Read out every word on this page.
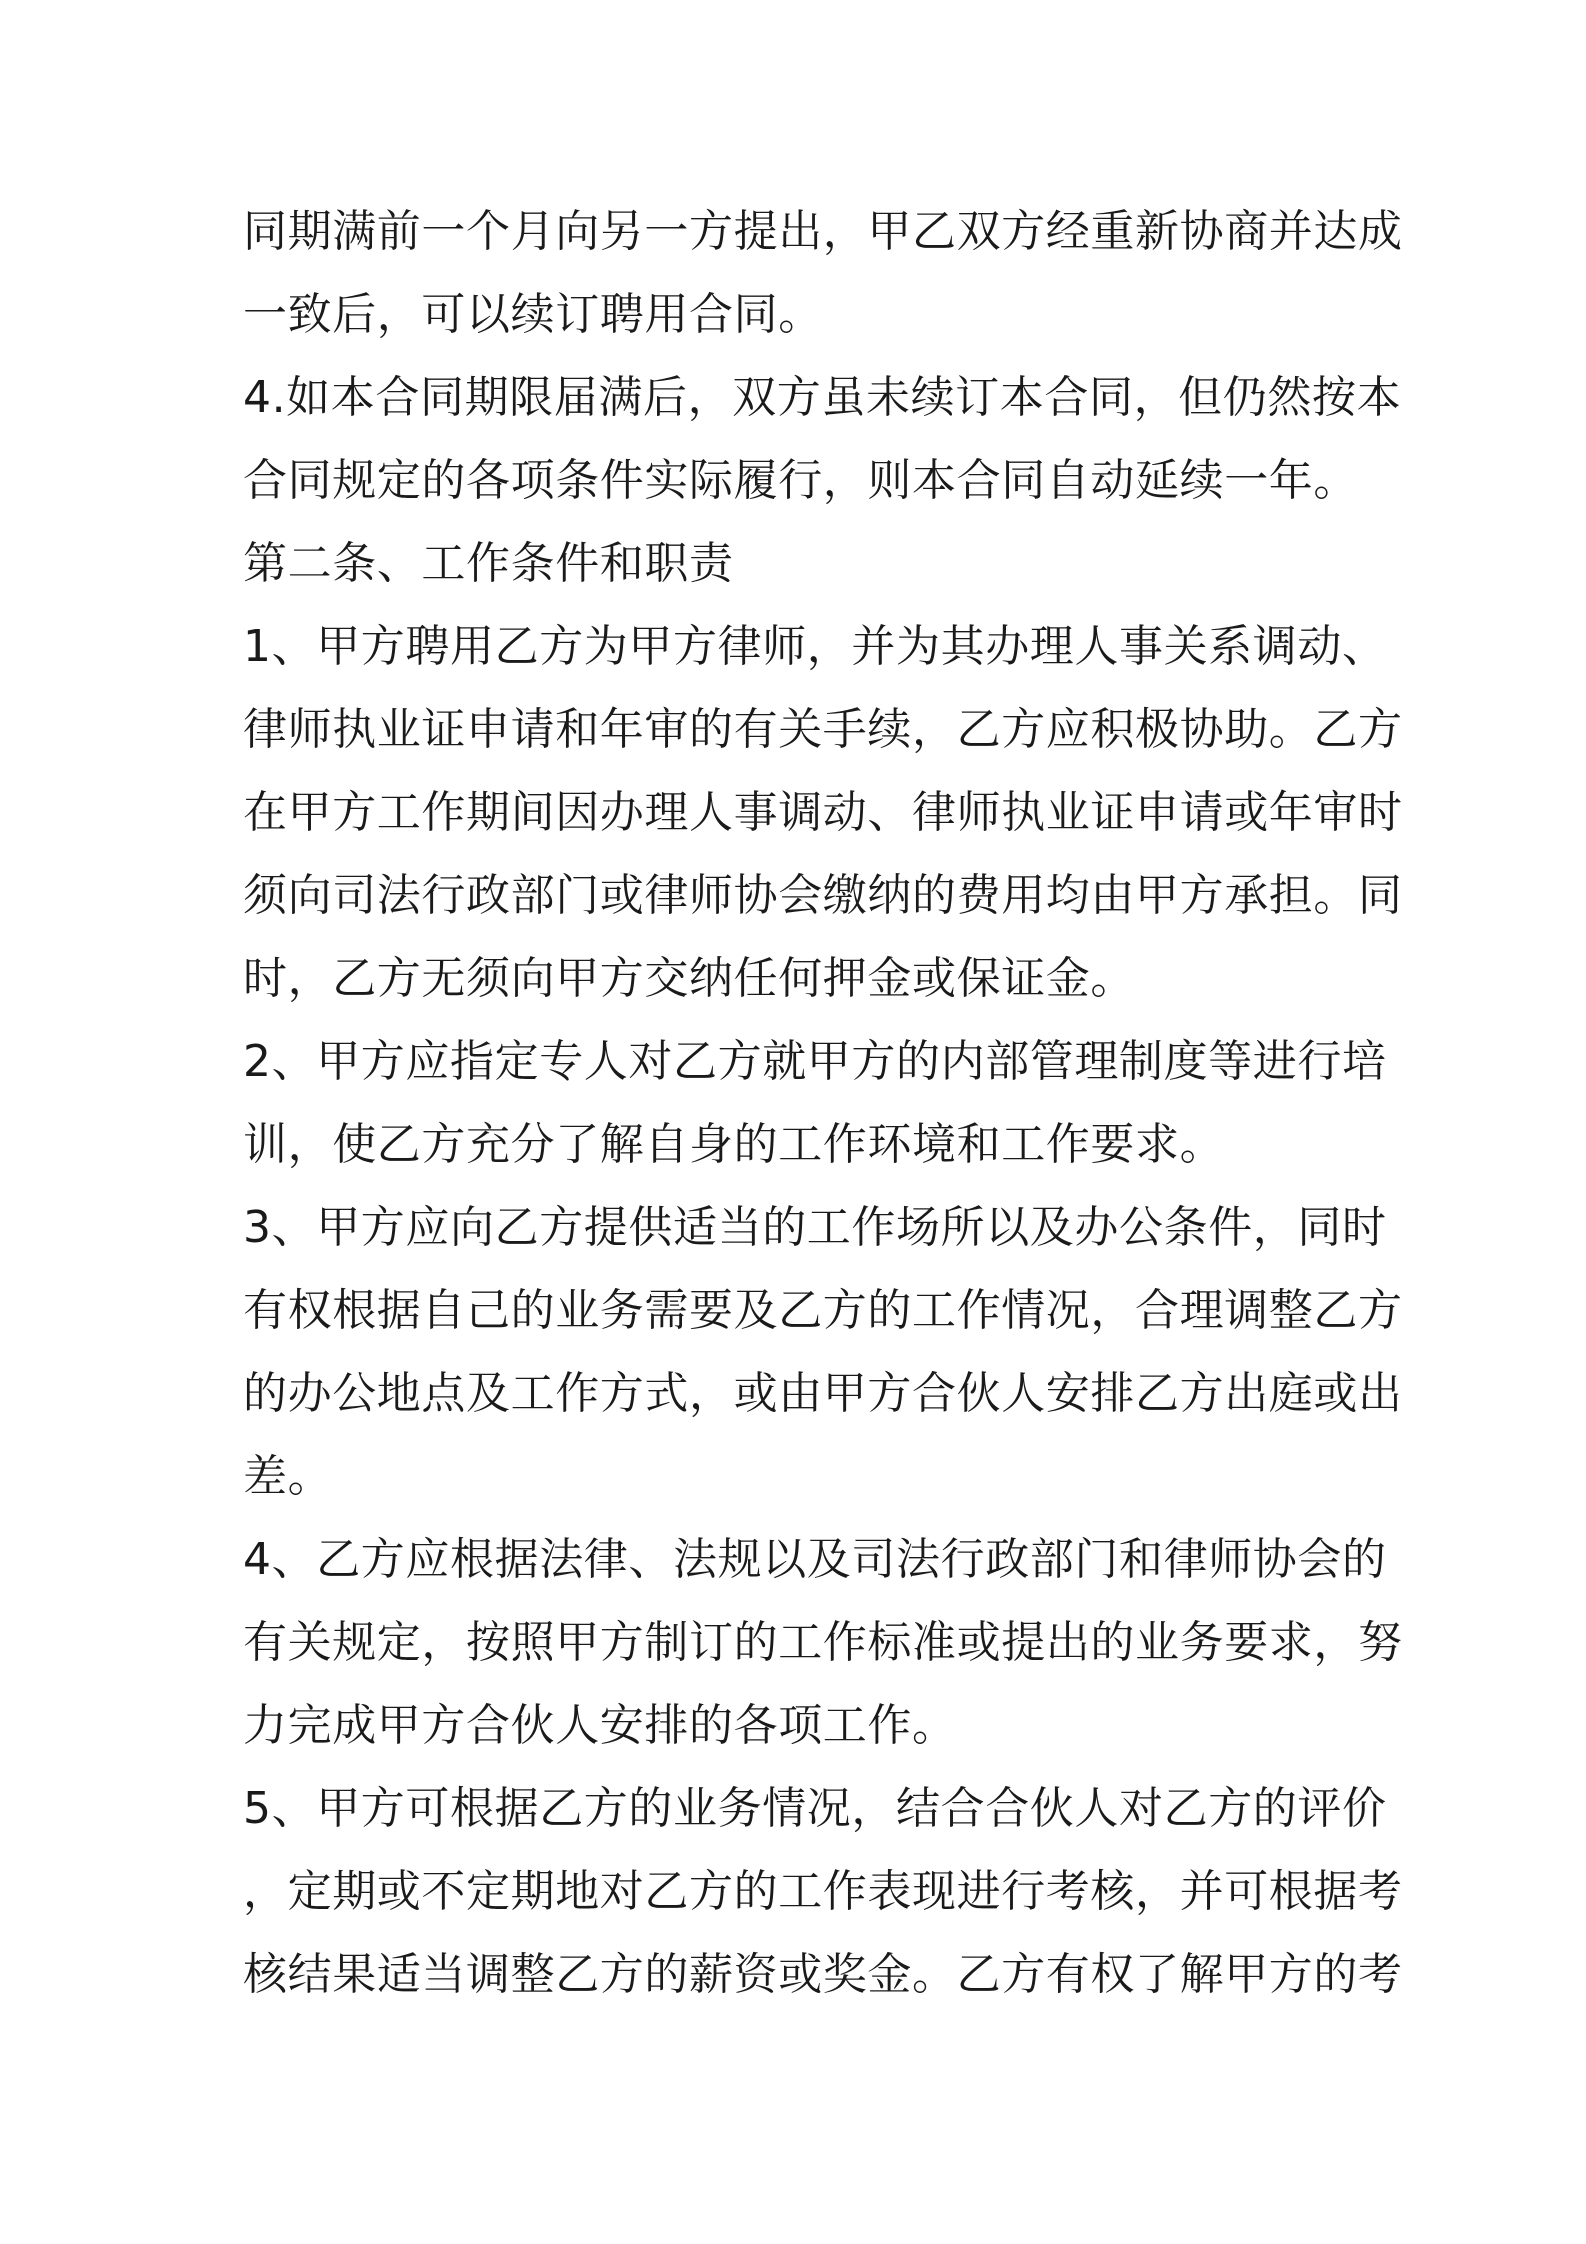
同期满前一个月向另一方提出，甲乙双方经重新协商并达成

一致后，可以续订聘用合同。

4.如本合同期限届满后，双方虽未续订本合同，但仍然按本

合同规定的各项条件实际履行，则本合同自动延续一年。

第二条、工作条件和职责

1、甲方聘用乙方为甲方律师，并为其办理人事关系调动、

律师执业证申请和年审的有关手续，乙方应积极协助。乙方

在甲方工作期间因办理人事调动、律师执业证申请或年审时

须向司法行政部门或律师协会缴纳的费用均由甲方承担。同

时，乙方无须向甲方交纳任何押金或保证金。

2、甲方应指定专人对乙方就甲方的内部管理制度等进行培

训，使乙方充分了解自身的工作环境和工作要求。

3、甲方应向乙方提供适当的工作场所以及办公条件，同时

有权根据自己的业务需要及乙方的工作情况，合理调整乙方

的办公地点及工作方式，或由甲方合伙人安排乙方出庭或出

差。

4、乙方应根据法律、法规以及司法行政部门和律师协会的

有关规定，按照甲方制订的工作标准或提出的业务要求，努

力完成甲方合伙人安排的各项工作。

5、甲方可根据乙方的业务情况，结合合伙人对乙方的评价

，定期或不定期地对乙方的工作表现进行考核，并可根据考

核结果适当调整乙方的薪资或奖金。乙方有权了解甲方的考
